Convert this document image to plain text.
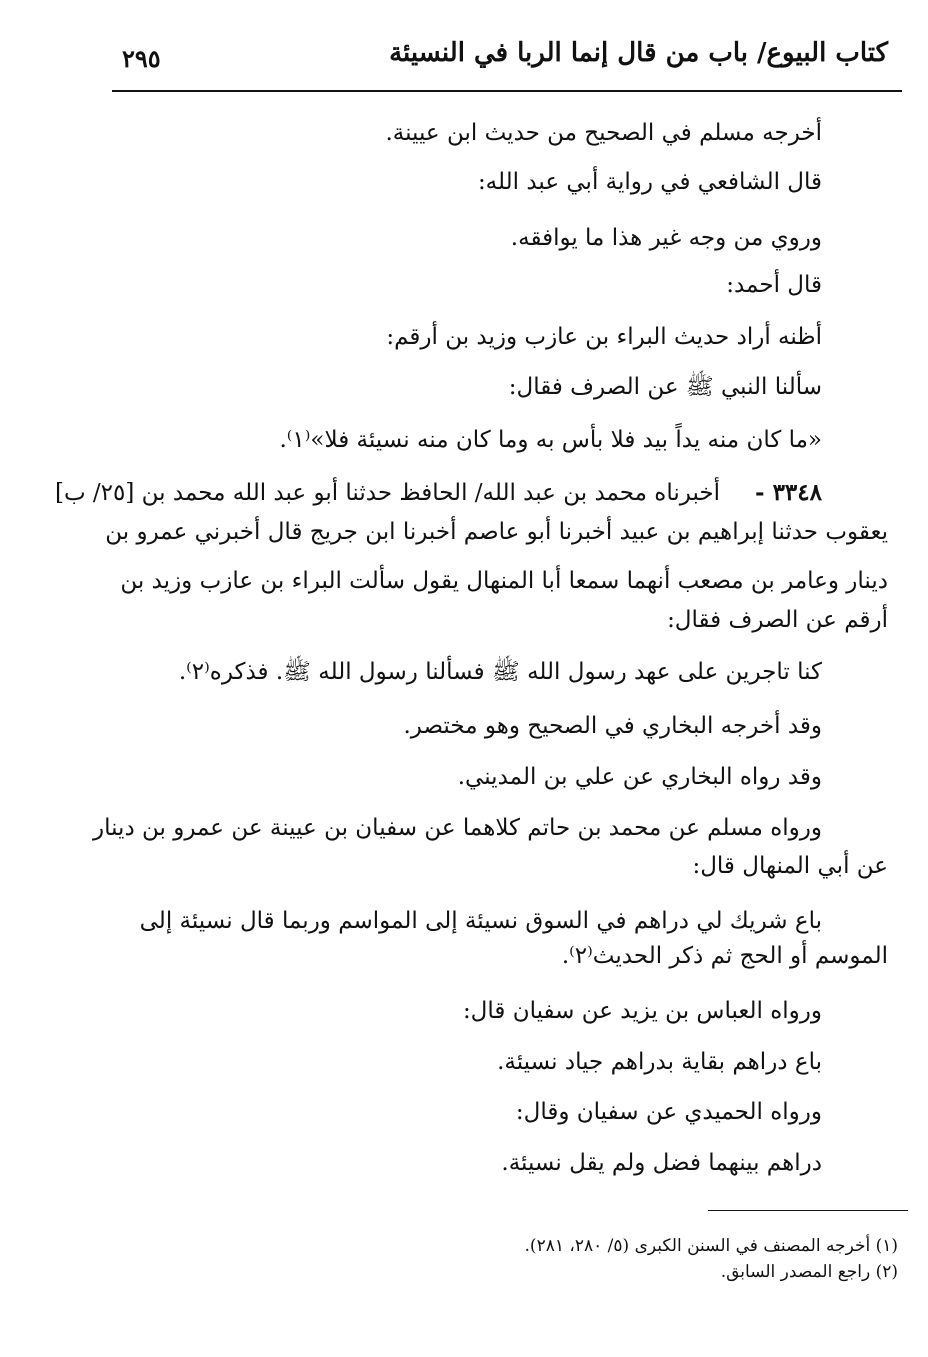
كتاب البيوع/ باب من قال إنما الربا في النسيئة
٢٩٥
أخرجه مسلم في الصحيح من حديث ابن عيينة.
قال الشافعي في رواية أبي عبد الله:
وروي من وجه غير هذا ما يوافقه.
قال أحمد:
أظنه أراد حديث البراء بن عازب وزيد بن أرقم:
سألنا النبي ﷺ عن الصرف فقال:
«ما كان منه يداً بيد فلا بأس به وما كان منه نسيئة فلا»⁽١⁾.
٣٣٤٨ -
أخبرناه محمد بن عبد الله/ الحافظ حدثنا أبو عبد الله محمد بن [٢٥/ ب]
يعقوب حدثنا إبراهيم بن عبيد أخبرنا أبو عاصم أخبرنا ابن جريج قال أخبرني عمرو بن
دينار وعامر بن مصعب أنهما سمعا أبا المنهال يقول سألت البراء بن عازب وزيد بن
أرقم عن الصرف فقال:
كنا تاجرين على عهد رسول الله ﷺ فسألنا رسول الله ﷺ. فذكره⁽٢⁾.
وقد أخرجه البخاري في الصحيح وهو مختصر.
وقد رواه البخاري عن علي بن المديني.
ورواه مسلم عن محمد بن حاتم كلاهما عن سفيان بن عيينة عن عمرو بن دينار
عن أبي المنهال قال:
باع شريك لي دراهم في السوق نسيئة إلى المواسم وربما قال نسيئة إلى
الموسم أو الحج ثم ذكر الحديث⁽٢⁾.
ورواه العباس بن يزيد عن سفيان قال:
باع دراهم بقاية بدراهم جياد نسيئة.
ورواه الحميدي عن سفيان وقال:
دراهم بينهما فضل ولم يقل نسيئة.
(١) أخرجه المصنف في السنن الكبرى (٥/ ٢٨٠، ٢٨١).
(٢) راجع المصدر السابق.
